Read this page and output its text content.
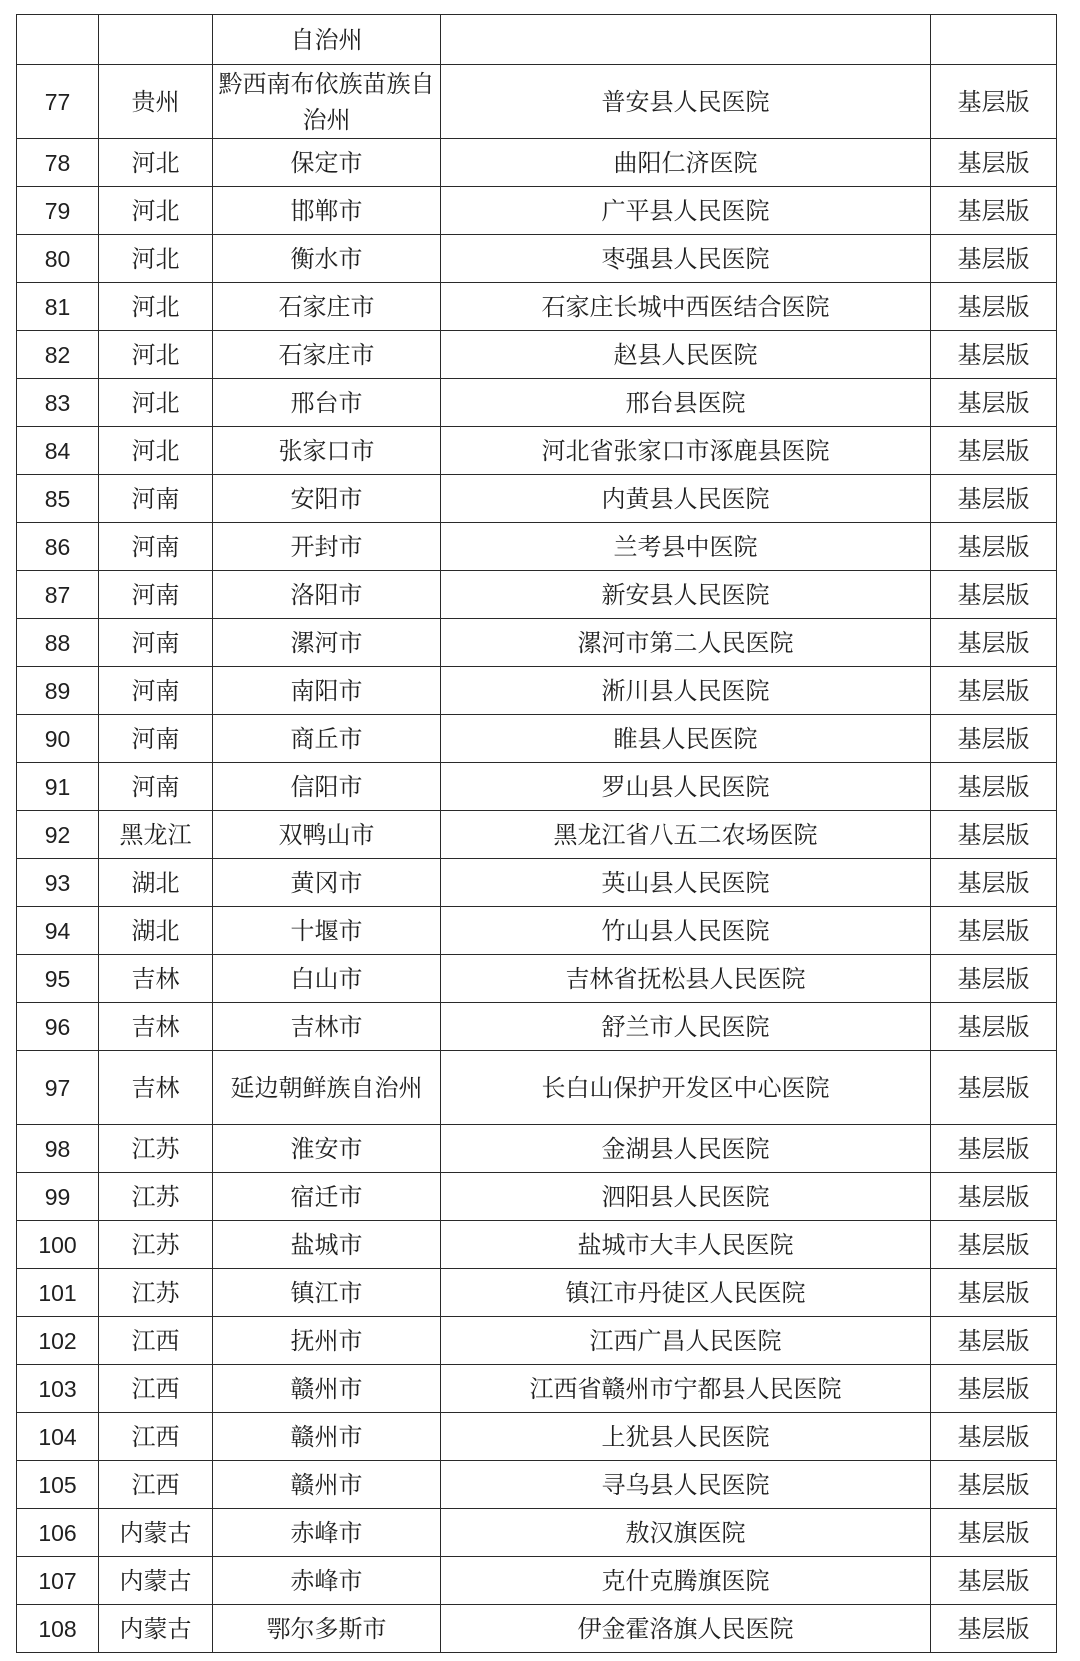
		自治州		
77	贵州	黔西南布依族苗族自治州	普安县人民医院	基层版
78	河北	保定市	曲阳仁济医院	基层版
79	河北	邯郸市	广平县人民医院	基层版
80	河北	衡水市	枣强县人民医院	基层版
81	河北	石家庄市	石家庄长城中西医结合医院	基层版
82	河北	石家庄市	赵县人民医院	基层版
83	河北	邢台市	邢台县医院	基层版
84	河北	张家口市	河北省张家口市涿鹿县医院	基层版
85	河南	安阳市	内黄县人民医院	基层版
86	河南	开封市	兰考县中医院	基层版
87	河南	洛阳市	新安县人民医院	基层版
88	河南	漯河市	漯河市第二人民医院	基层版
89	河南	南阳市	淅川县人民医院	基层版
90	河南	商丘市	睢县人民医院	基层版
91	河南	信阳市	罗山县人民医院	基层版
92	黑龙江	双鸭山市	黑龙江省八五二农场医院	基层版
93	湖北	黄冈市	英山县人民医院	基层版
94	湖北	十堰市	竹山县人民医院	基层版
95	吉林	白山市	吉林省抚松县人民医院	基层版
96	吉林	吉林市	舒兰市人民医院	基层版
97	吉林	延边朝鲜族自治州	长白山保护开发区中心医院	基层版
98	江苏	淮安市	金湖县人民医院	基层版
99	江苏	宿迁市	泗阳县人民医院	基层版
100	江苏	盐城市	盐城市大丰人民医院	基层版
101	江苏	镇江市	镇江市丹徒区人民医院	基层版
102	江西	抚州市	江西广昌人民医院	基层版
103	江西	赣州市	江西省赣州市宁都县人民医院	基层版
104	江西	赣州市	上犹县人民医院	基层版
105	江西	赣州市	寻乌县人民医院	基层版
106	内蒙古	赤峰市	敖汉旗医院	基层版
107	内蒙古	赤峰市	克什克腾旗医院	基层版
108	内蒙古	鄂尔多斯市	伊金霍洛旗人民医院	基层版
